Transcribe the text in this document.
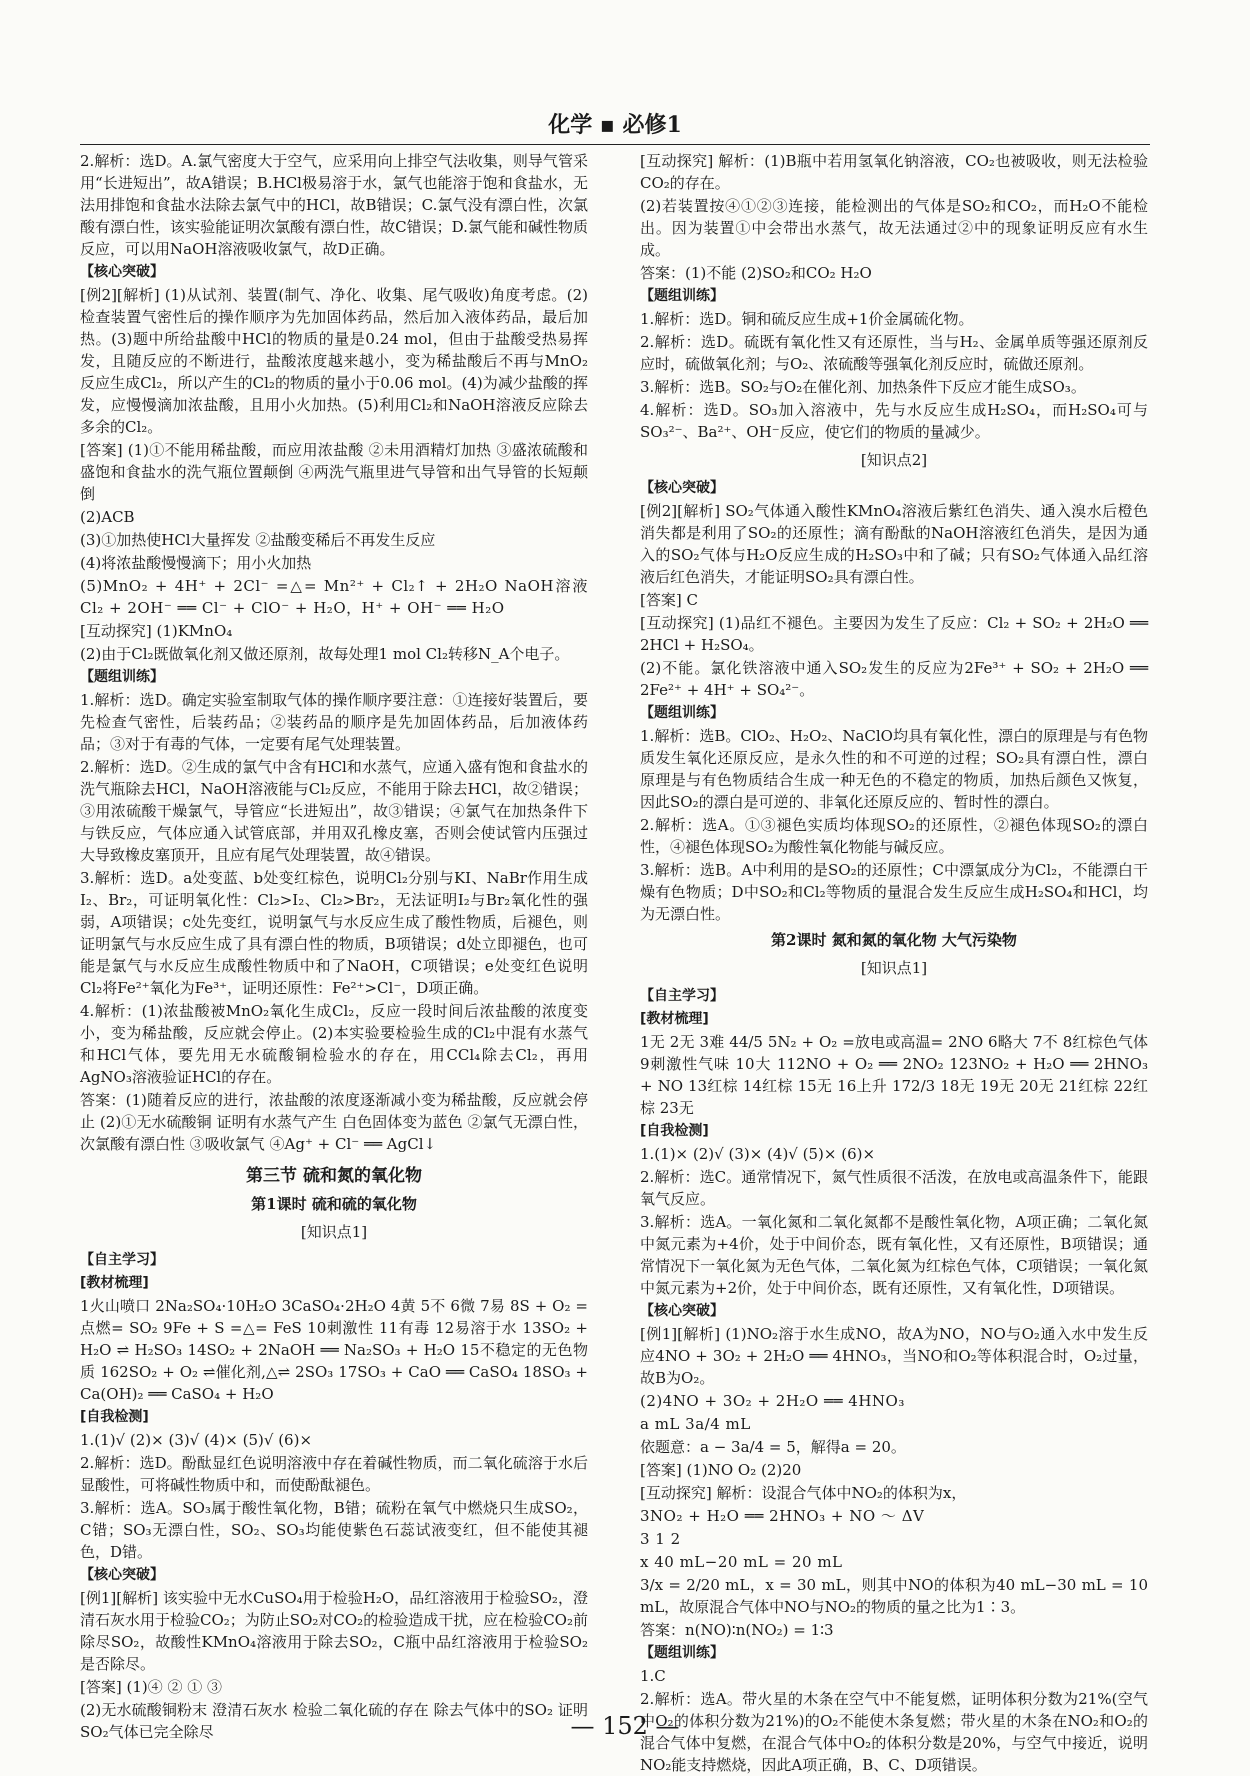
化学 ▪ 必修1
2.解析：选D。A.氯气密度大于空气，应采用向上排空气法收集，则导气管采用“长进短出”，故A错误；B.HCl极易溶于水，氯气也能溶于饱和食盐水，无法用排饱和食盐水法除去氯气中的HCl，故B错误；C.氯气没有漂白性，次氯酸有漂白性，该实验能证明次氯酸有漂白性，故C错误；D.氯气能和碱性物质反应，可以用NaOH溶液吸收氯气，故D正确。
【核心突破】
[例2][解析] (1)从试剂、装置(制气、净化、收集、尾气吸收)角度考虑。(2)检查装置气密性后的操作顺序为先加固体药品，然后加入液体药品，最后加热。(3)题中所给盐酸中HCl的物质的量是0.24 mol，但由于盐酸受热易挥发，且随反应的不断进行，盐酸浓度越来越小，变为稀盐酸后不再与MnO₂反应生成Cl₂，所以产生的Cl₂的物质的量小于0.06 mol。(4)为减少盐酸的挥发，应慢慢滴加浓盐酸，且用小火加热。(5)利用Cl₂和NaOH溶液反应除去多余的Cl₂。
[答案] (1)①不能用稀盐酸，而应用浓盐酸 ②未用酒精灯加热 ③盛浓硫酸和盛饱和食盐水的洗气瓶位置颠倒 ④两洗气瓶里进气导管和出气导管的长短颠倒
(2)ACB
(3)①加热使HCl大量挥发 ②盐酸变稀后不再发生反应
(4)将浓盐酸慢慢滴下；用小火加热
(5)MnO₂ + 4H⁺ + 2Cl⁻ =△= Mn²⁺ + Cl₂↑ + 2H₂O NaOH溶液 Cl₂ + 2OH⁻ ══ Cl⁻ + ClO⁻ + H₂O，H⁺ + OH⁻ ══ H₂O
[互动探究] (1)KMnO₄
(2)由于Cl₂既做氧化剂又做还原剂，故每处理1 mol Cl₂转移N_A个电子。
【题组训练】
1.解析：选D。确定实验室制取气体的操作顺序要注意：①连接好装置后，要先检查气密性，后装药品；②装药品的顺序是先加固体药品，后加液体药品；③对于有毒的气体，一定要有尾气处理装置。
2.解析：选D。②生成的氯气中含有HCl和水蒸气，应通入盛有饱和食盐水的洗气瓶除去HCl，NaOH溶液能与Cl₂反应，不能用于除去HCl，故②错误；③用浓硫酸干燥氯气，导管应“长进短出”，故③错误；④氯气在加热条件下与铁反应，气体应通入试管底部，并用双孔橡皮塞，否则会使试管内压强过大导致橡皮塞顶开，且应有尾气处理装置，故④错误。
3.解析：选D。a处变蓝、b处变红棕色，说明Cl₂分别与KI、NaBr作用生成I₂、Br₂，可证明氧化性：Cl₂>I₂、Cl₂>Br₂，无法证明I₂与Br₂氧化性的强弱，A项错误；c处先变红，说明氯气与水反应生成了酸性物质，后褪色，则证明氯气与水反应生成了具有漂白性的物质，B项错误；d处立即褪色，也可能是氯气与水反应生成酸性物质中和了NaOH，C项错误；e处变红色说明Cl₂将Fe²⁺氧化为Fe³⁺，证明还原性：Fe²⁺>Cl⁻，D项正确。
4.解析：(1)浓盐酸被MnO₂氧化生成Cl₂，反应一段时间后浓盐酸的浓度变小，变为稀盐酸，反应就会停止。(2)本实验要检验生成的Cl₂中混有水蒸气和HCl气体，要先用无水硫酸铜检验水的存在，用CCl₄除去Cl₂，再用AgNO₃溶液验证HCl的存在。
答案：(1)随着反应的进行，浓盐酸的浓度逐渐减小变为稀盐酸，反应就会停止 (2)①无水硫酸铜 证明有水蒸气产生 白色固体变为蓝色 ②氯气无漂白性，次氯酸有漂白性 ③吸收氯气 ④Ag⁺ + Cl⁻ ══ AgCl↓
第三节 硫和氮的氧化物
第1课时 硫和硫的氧化物
[知识点1]
【自主学习】
[教材梳理]
1火山喷口 2Na₂SO₄·10H₂O 3CaSO₄·2H₂O 4黄 5不 6微 7易 8S + O₂ =点燃= SO₂ 9Fe + S =△= FeS 10刺激性 11有毒 12易溶于水 13SO₂ + H₂O ⇌ H₂SO₃ 14SO₂ + 2NaOH ══ Na₂SO₃ + H₂O 15不稳定的无色物质 162SO₂ + O₂ ⇌催化剂,△⇌ 2SO₃ 17SO₃ + CaO ══ CaSO₄ 18SO₃ + Ca(OH)₂ ══ CaSO₄ + H₂O
[自我检测]
1.(1)√ (2)× (3)√ (4)× (5)√ (6)×
2.解析：选D。酚酞显红色说明溶液中存在着碱性物质，而二氧化硫溶于水后显酸性，可将碱性物质中和，而使酚酞褪色。
3.解析：选A。SO₃属于酸性氧化物，B错；硫粉在氧气中燃烧只生成SO₂，C错；SO₃无漂白性，SO₂、SO₃均能使紫色石蕊试液变红，但不能使其褪色，D错。
【核心突破】
[例1][解析] 该实验中无水CuSO₄用于检验H₂O，品红溶液用于检验SO₂，澄清石灰水用于检验CO₂；为防止SO₂对CO₂的检验造成干扰，应在检验CO₂前除尽SO₂，故酸性KMnO₄溶液用于除去SO₂，C瓶中品红溶液用于检验SO₂是否除尽。
[答案] (1)④ ② ① ③
(2)无水硫酸铜粉末 澄清石灰水 检验二氧化硫的存在 除去气体中的SO₂ 证明SO₂气体已完全除尽
[互动探究] 解析：(1)B瓶中若用氢氧化钠溶液，CO₂也被吸收，则无法检验CO₂的存在。
(2)若装置按④①②③连接，能检测出的气体是SO₂和CO₂，而H₂O不能检出。因为装置①中会带出水蒸气，故无法通过②中的现象证明反应有水生成。
答案：(1)不能 (2)SO₂和CO₂ H₂O
【题组训练】
1.解析：选D。铜和硫反应生成+1价金属硫化物。
2.解析：选D。硫既有氧化性又有还原性，当与H₂、金属单质等强还原剂反应时，硫做氧化剂；与O₂、浓硫酸等强氧化剂反应时，硫做还原剂。
3.解析：选B。SO₂与O₂在催化剂、加热条件下反应才能生成SO₃。
4.解析：选D。SO₃加入溶液中，先与水反应生成H₂SO₄，而H₂SO₄可与SO₃²⁻、Ba²⁺、OH⁻反应，使它们的物质的量减少。
[知识点2]
【核心突破】
[例2][解析] SO₂气体通入酸性KMnO₄溶液后紫红色消失、通入溴水后橙色消失都是利用了SO₂的还原性；滴有酚酞的NaOH溶液红色消失，是因为通入的SO₂气体与H₂O反应生成的H₂SO₃中和了碱；只有SO₂气体通入品红溶液后红色消失，才能证明SO₂具有漂白性。
[答案] C
[互动探究] (1)品红不褪色。主要因为发生了反应：Cl₂ + SO₂ + 2H₂O ══ 2HCl + H₂SO₄。
(2)不能。氯化铁溶液中通入SO₂发生的反应为2Fe³⁺ + SO₂ + 2H₂O ══ 2Fe²⁺ + 4H⁺ + SO₄²⁻。
【题组训练】
1.解析：选B。ClO₂、H₂O₂、NaClO均具有氧化性，漂白的原理是与有色物质发生氧化还原反应，是永久性的和不可逆的过程；SO₂具有漂白性，漂白原理是与有色物质结合生成一种无色的不稳定的物质，加热后颜色又恢复，因此SO₂的漂白是可逆的、非氧化还原反应的、暂时性的漂白。
2.解析：选A。①③褪色实质均体现SO₂的还原性，②褪色体现SO₂的漂白性，④褪色体现SO₂为酸性氧化物能与碱反应。
3.解析：选B。A中利用的是SO₂的还原性；C中漂氯成分为Cl₂，不能漂白干燥有色物质；D中SO₂和Cl₂等物质的量混合发生反应生成H₂SO₄和HCl，均为无漂白性。
第2课时 氮和氮的氧化物 大气污染物
[知识点1]
【自主学习】
[教材梳理]
1无 2无 3难 44/5 5N₂ + O₂ =放电或高温= 2NO 6略大 7不 8红棕色气体 9刺激性气味 10大 112NO + O₂ ══ 2NO₂ 123NO₂ + H₂O ══ 2HNO₃ + NO 13红棕 14红棕 15无 16上升 172/3 18无 19无 20无 21红棕 22红棕 23无
[自我检测]
1.(1)× (2)√ (3)× (4)√ (5)× (6)×
2.解析：选C。通常情况下，氮气性质很不活泼，在放电或高温条件下，能跟氧气反应。
3.解析：选A。一氧化氮和二氧化氮都不是酸性氧化物，A项正确；二氧化氮中氮元素为+4价，处于中间价态，既有氧化性，又有还原性，B项错误；通常情况下一氧化氮为无色气体，二氧化氮为红棕色气体，C项错误；一氧化氮中氮元素为+2价，处于中间价态，既有还原性，又有氧化性，D项错误。
【核心突破】
[例1][解析] (1)NO₂溶于水生成NO，故A为NO，NO与O₂通入水中发生反应4NO + 3O₂ + 2H₂O ══ 4HNO₃，当NO和O₂等体积混合时，O₂过量，故B为O₂。
(2)4NO + 3O₂ + 2H₂O ══ 4HNO₃
a mL 3a/4 mL
依题意：a − 3a/4 = 5，解得a = 20。
[答案] (1)NO O₂ (2)20
[互动探究] 解析：设混合气体中NO₂的体积为x，
3NO₂ + H₂O ══ 2HNO₃ + NO ～ ΔV
3 1 2
x 40 mL−20 mL = 20 mL
3/x = 2/20 mL，x = 30 mL，则其中NO的体积为40 mL−30 mL = 10 mL，故原混合气体中NO与NO₂的物质的量之比为1∶3。
答案：n(NO)∶n(NO₂) = 1∶3
【题组训练】
1.C
2.解析：选A。带火星的木条在空气中不能复燃，证明体积分数为21%(空气中O₂的体积分数为21%)的O₂不能使木条复燃；带火星的木条在NO₂和O₂的混合气体中复燃，在混合气体中O₂的体积分数是20%，与空气中接近，说明NO₂能支持燃烧，因此A项正确，B、C、D项错误。
— 152 —
